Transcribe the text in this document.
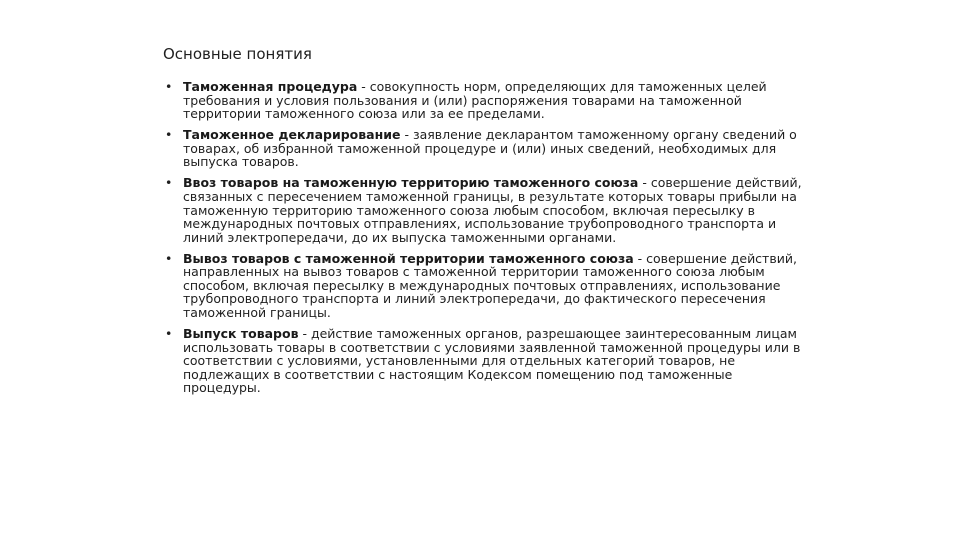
Основные понятия
• Таможенная процедура - совокупность норм, определяющих для таможенных целей требования и условия пользования и (или) распоряжения товарами на таможенной территории таможенного союза или за ее пределами.
• Таможенное декларирование - заявление декларантом таможенному органу сведений о товарах, об избранной таможенной процедуре и (или) иных сведений, необходимых для выпуска товаров.
• Ввоз товаров на таможенную территорию таможенного союза - совершение действий, связанных с пересечением таможенной границы, в результате которых товары прибыли на таможенную территорию таможенного союза любым способом, включая пересылку в международных почтовых отправлениях, использование трубопроводного транспорта и линий электропередачи, до их выпуска таможенными органами.
• Вывоз товаров с таможенной территории таможенного союза - совершение действий, направленных на вывоз товаров с таможенной территории таможенного союза любым способом, включая пересылку в международных почтовых отправлениях, использование трубопроводного транспорта и линий электропередачи, до фактического пересечения таможенной границы.
• Выпуск товаров - действие таможенных органов, разрешающее заинтересованным лицам использовать товары в соответствии с условиями заявленной таможенной процедуры или в соответствии с условиями, установленными для отдельных категорий товаров, не подлежащих в соответствии с настоящим Кодексом помещению под таможенные процедуры.
